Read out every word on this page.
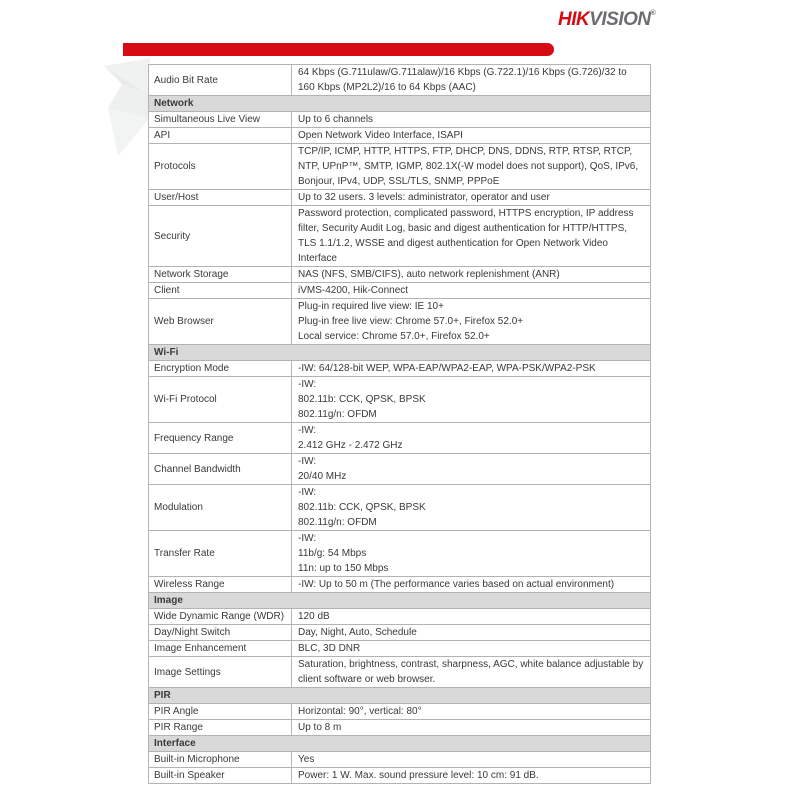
HIKVISION®
Audio Bit Rate	64 Kbps (G.711ulaw/G.711alaw)/16 Kbps (G.722.1)/16 Kbps (G.726)/32 to 160 Kbps (MP2L2)/16 to 64 Kbps (AAC)

Network	
Simultaneous Live View	Up to 6 channels

API	Open Network Video Interface, ISAPI

Protocols	TCP/IP, ICMP, HTTP, HTTPS, FTP, DHCP, DNS, DDNS, RTP, RTSP, RTCP, NTP, UPnP™, SMTP, IGMP, 802.1X(-W model does not support), QoS, IPv6, Bonjour, IPv4, UDP, SSL/TLS, SNMP, PPPoE

User/Host	Up to 32 users. 3 levels: administrator, operator and user

Security	Password protection, complicated password, HTTPS encryption, IP address filter, Security Audit Log, basic and digest authentication for HTTP/HTTPS, TLS 1.1/1.2, WSSE and digest authentication for Open Network Video Interface

Network Storage	NAS (NFS, SMB/CIFS), auto network replenishment (ANR)

Client	iVMS-4200, Hik-Connect

Web Browser	Plug-in required live view: IE 10+
Plug-in free live view: Chrome 57.0+, Firefox 52.0+
Local service: Chrome 57.0+, Firefox 52.0+

Wi-Fi	
Encryption Mode	-IW: 64/128-bit WEP, WPA-EAP/WPA2-EAP, WPA-PSK/WPA2-PSK

Wi-Fi Protocol	-IW:
802.11b: CCK, QPSK, BPSK
802.11g/n: OFDM

Frequency Range	-IW:
2.412 GHz - 2.472 GHz

Channel Bandwidth	-IW:
20/40 MHz

Modulation	-IW:
802.11b: CCK, QPSK, BPSK
802.11g/n: OFDM

Transfer Rate	-IW:
11b/g: 54 Mbps
11n: up to 150 Mbps

Wireless Range	-IW: Up to 50 m (The performance varies based on actual environment)

Image	
Wide Dynamic Range (WDR)	120 dB

Day/Night Switch	Day, Night, Auto, Schedule

Image Enhancement	BLC, 3D DNR

Image Settings	Saturation, brightness, contrast, sharpness, AGC, white balance adjustable by client software or web browser.

PIR	
PIR Angle	Horizontal: 90°, vertical: 80°

PIR Range	Up to 8 m

Interface	
Built-in Microphone	Yes

Built-in Speaker	Power: 1 W. Max. sound pressure level: 10 cm: 91 dB.
